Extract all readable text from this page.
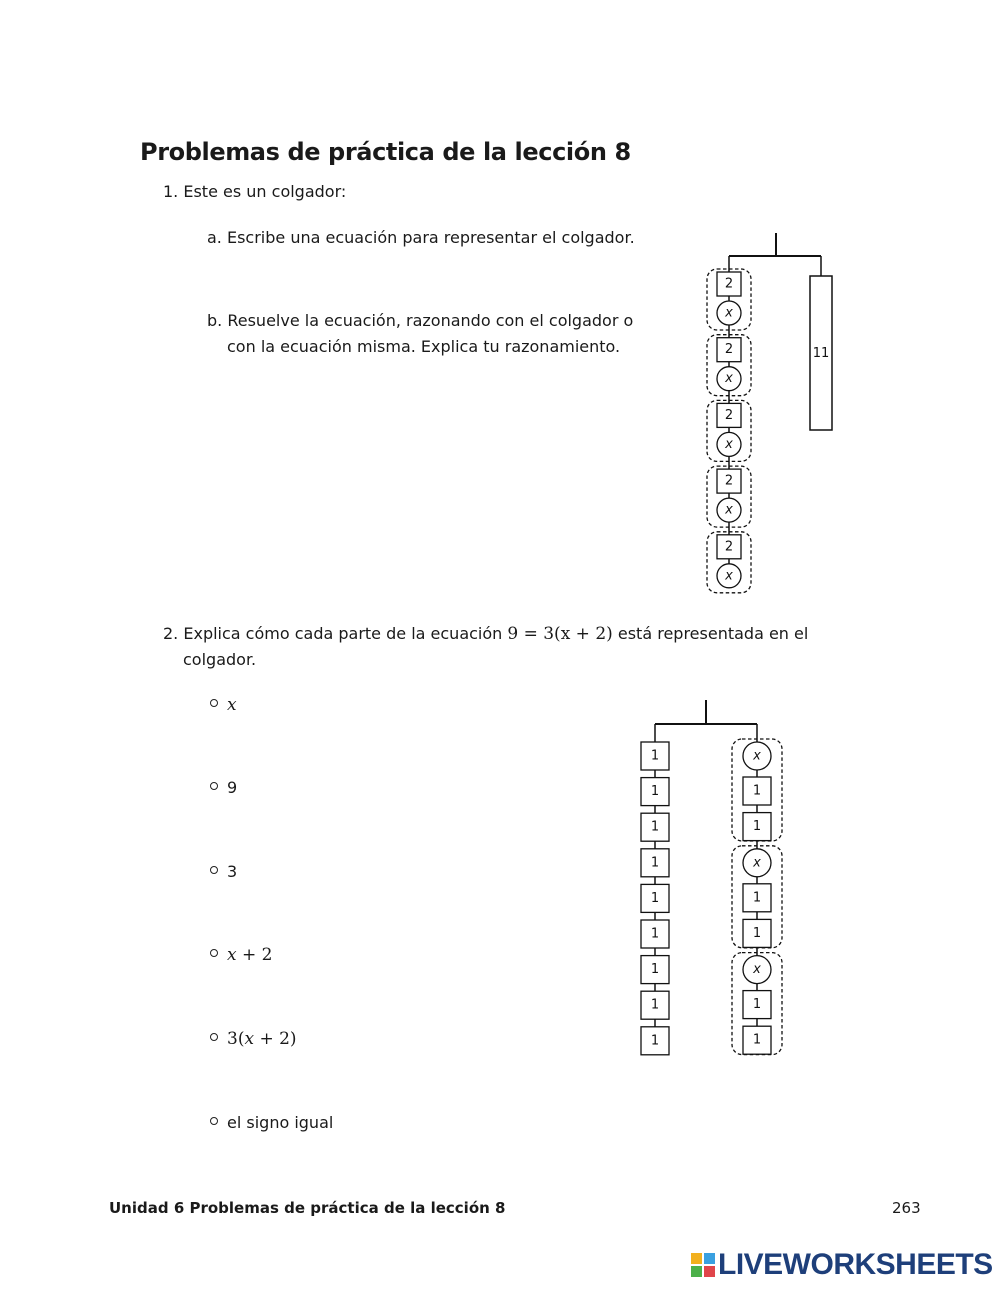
Problemas de práctica de la lección 8
1. Este es un colgador:
a. Escribe una ecuación para representar el colgador.
b. Resuelve la ecuación, razonando con el colgador o
con la ecuación misma. Explica tu razonamiento.
2
x
2
x
2
x
2
x
2
x
11
2. Explica cómo cada parte de la ecuación 9 = 3(x + 2) está representada en el
colgador.
x
9
3
x + 2
3(x + 2)
el signo igual
1
1
1
1
1
1
1
1
1
x
1
1
x
1
1
x
1
1
Unidad 6 Problemas de práctica de la lección 8	263
LIVEWORKSHEETS
